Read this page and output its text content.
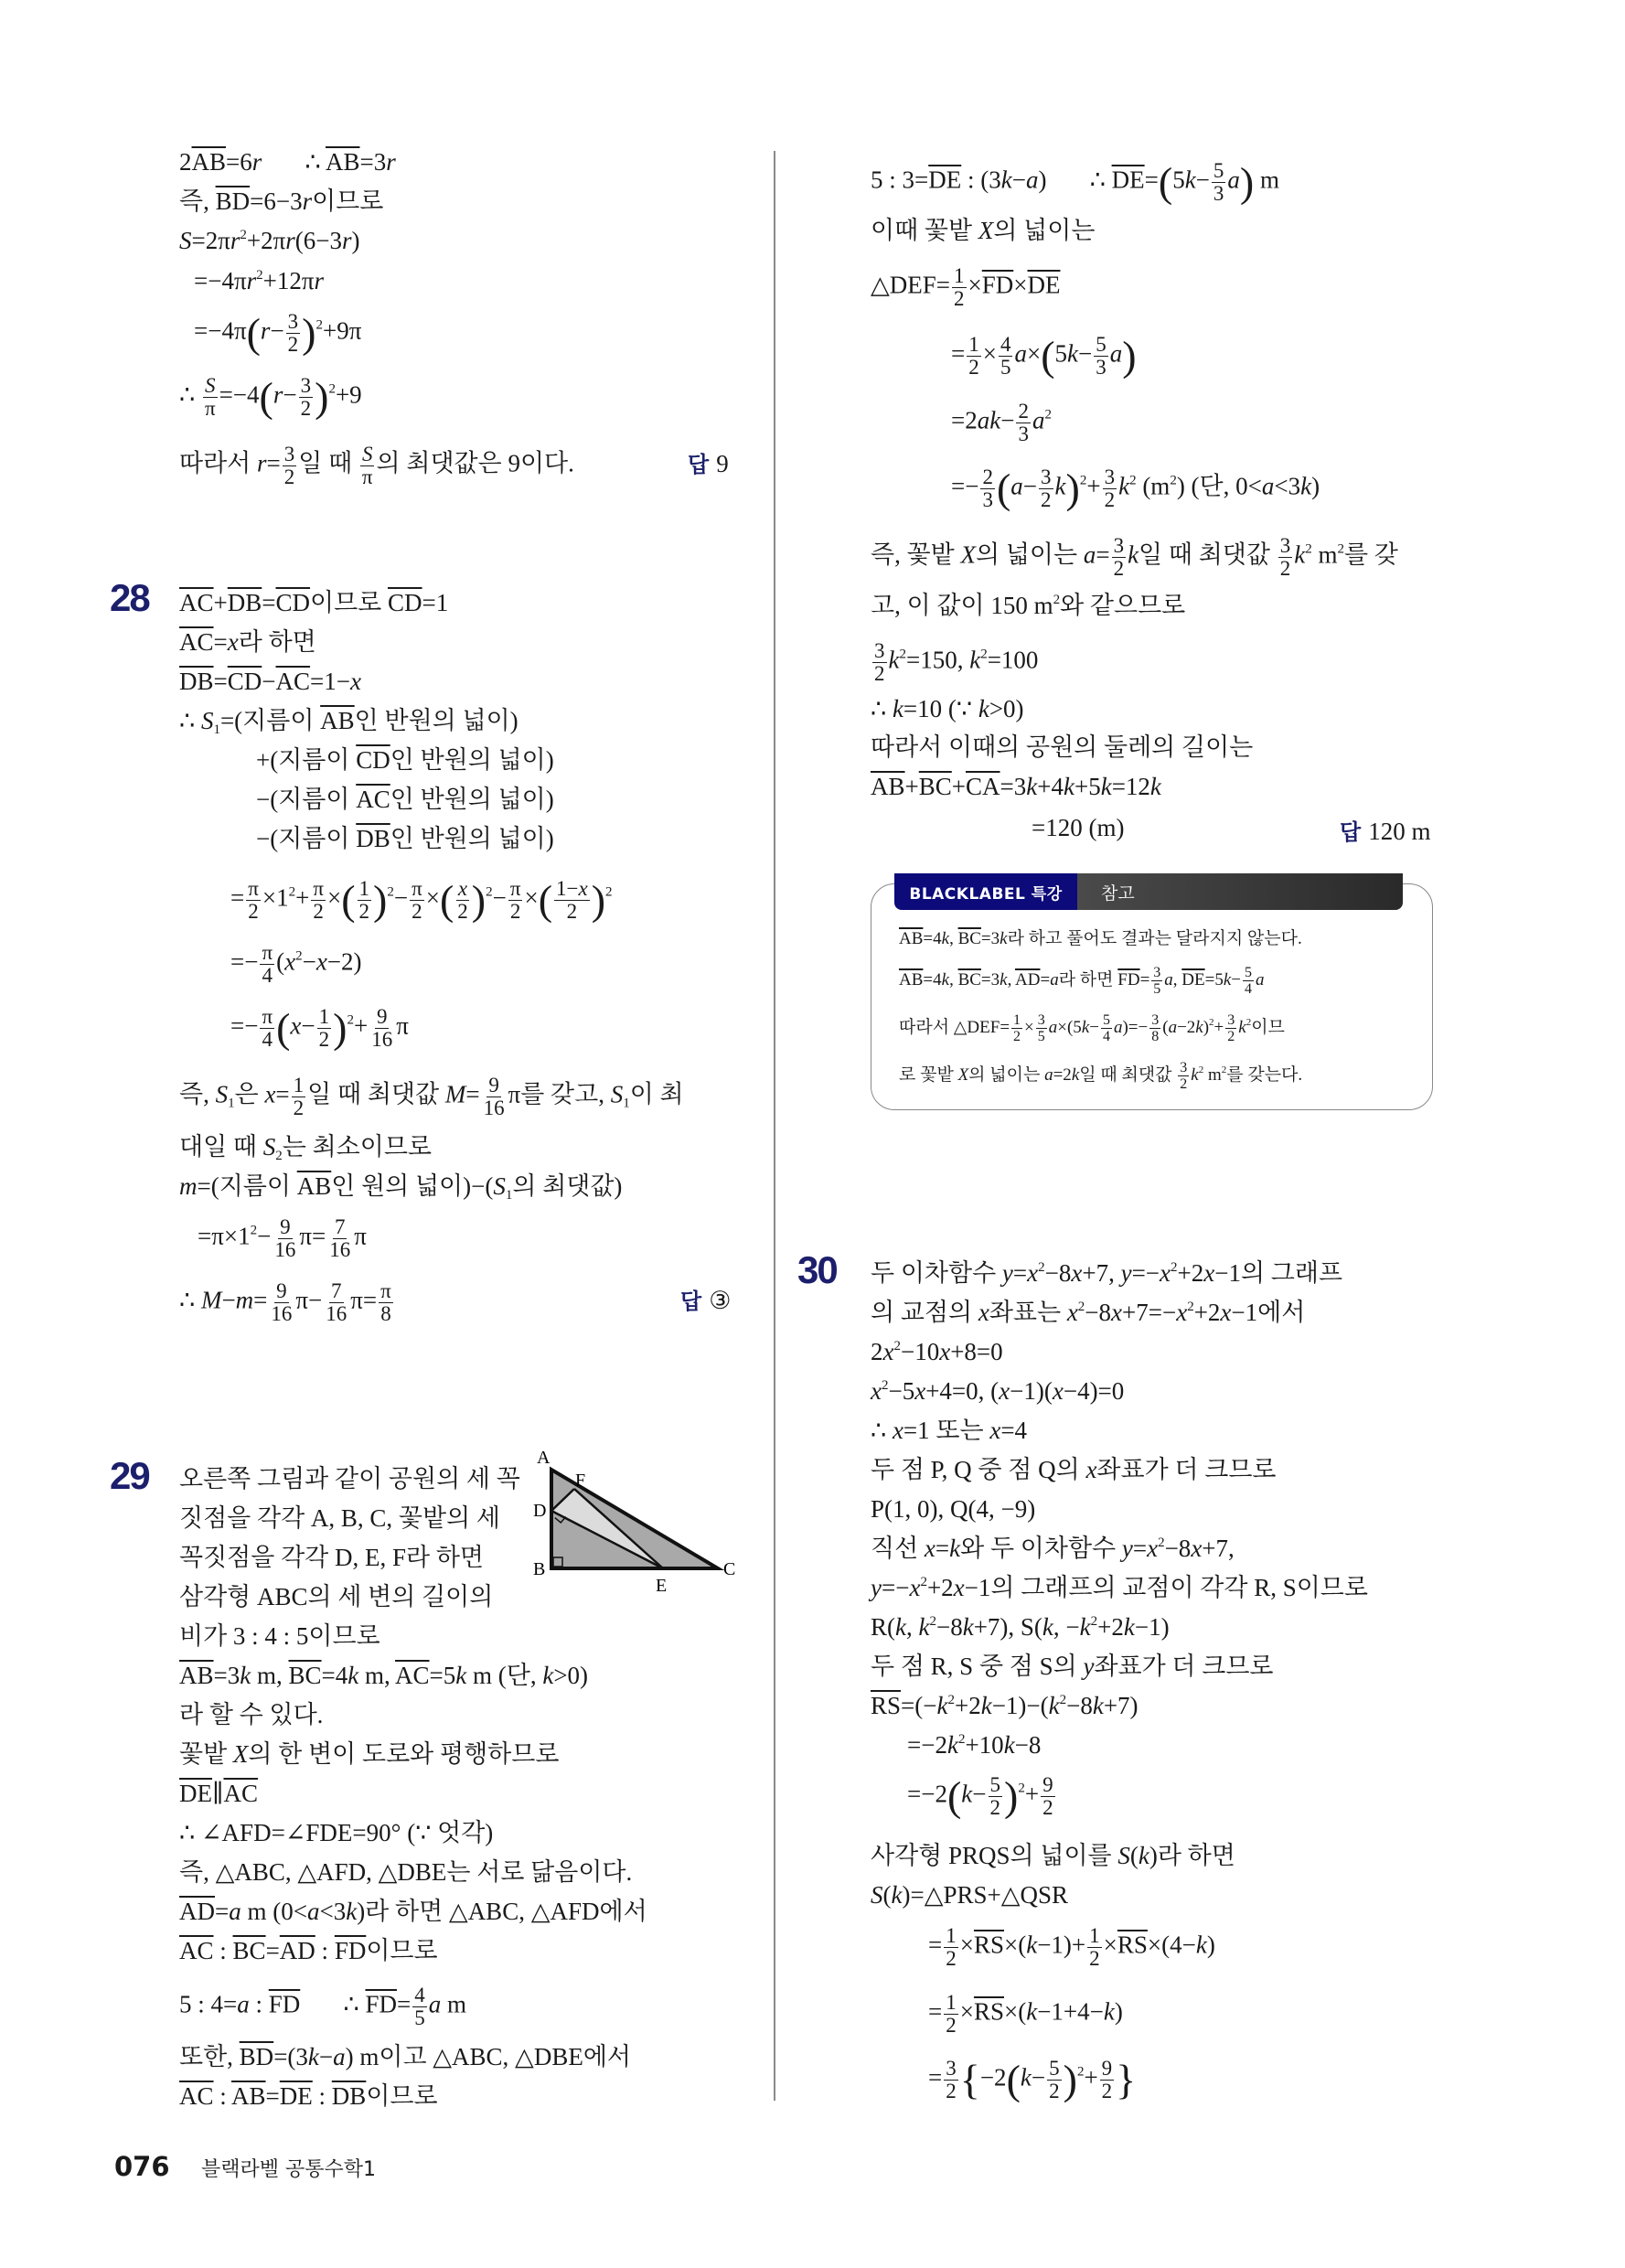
$2\overline{AB}=6r$       ∴ $\overline{AB}=3r$
즉, $\overline{BD}=6-3r$이므로
$S=2\pi r^2+2\pi r(6-3r)$
$=-4\pi r^2+12\pi r$
$=-4\pi(r- \frac{3}{2} )^2+9\pi$
∴ $\frac{S}{\pi} =-4(r- \frac{3}{2} )^2+9$
따라서 $r= \frac{3}{2}$ 일 때 $\frac{S}{\pi}$ 의 최댓값은 9이다.	답 9
28 $\overline{AC}+\overline{DB}=\overline{CD}$이므로 $\overline{CD}=1$
$\overline{AC}=x$라 하면
$\overline{DB}=\overline{CD}-\overline{AC}=1-x$
∴ $S_1=$(지름이 $\overline{AB}$인 반원의 넓이)
+(지름이 $\overline{CD}$인 반원의 넓이)
−(지름이 $\overline{AC}$인 반원의 넓이)
−(지름이 $\overline{DB}$인 반원의 넓이)
= $\frac{\pi}{2} \times 1^2+ \frac{\pi}{2}$ ×( $\frac{1}{2} )^2- \frac{\pi}{2}$ ×( $\frac{x}{2} )^2- \frac{\pi}{2}$ ×( $\frac{1-x}{2} )^2$
=− $\frac{\pi}{4} (x^2-x-2)$
=− $\frac{\pi}{4} (x- \frac{1}{2} )^2+ \frac{9}{16}$ π
즉, $S_1$은 $x= \frac{1}{2}$ 일 때 최댓값 $M= \frac{9}{16}$ π를 갖고, $S_1$이 최
대일 때 $S_2$는 최소이므로
m=(지름이 $\overline{AB}$인 원의 넓이)$-(S_1$의 최댓값)
$=\pi\times 1^2- \frac{9}{16} \pi= \frac{7}{16}$ π
∴ $M-m= \frac{9}{16} \pi- \frac{7}{16} \pi= \frac{\pi}{8}$	답 ③
29 오른쪽 그림과 같이 공원의 세 꼭
짓점을 각각 A, B, C, 꽃밭의 세
꼭짓점을 각각 D, E, F라 하면
삼각형 ABC의 세 변의 길이의
비가 3 : 4 : 5이므로
$\overline{AB}=3k$ m, $\overline{BC}=4k$ m, $\overline{AC}=5k$ m (단, k>0)
라 할 수 있다.
꽃밭 X의 한 변이 도로와 평행하므로
$\overline{DE}\parallel\overline{AC}$
∴ ∠AFD=∠FDE=90° (∵ 엇각)
즉, △ABC, △AFD, △DBE는 서로 닮음이다.
$\overline{AD}=a$ m (0<a<3k)라 하면 △ABC, △AFD에서
$\overline{AC}$ : $\overline{BC}=\overline{AD}$ : $\overline{FD}$이므로
5 : 4=a : $\overline{FD}$       ∴ $\overline{FD}= \frac{4}{5}$ a m
또한, $\overline{BD}=(3k-a)$ m이고 △ABC, △DBE에서
$\overline{AC}$ : $\overline{AB}=\overline{DE}$ : $\overline{DB}$이므로
A
F
D
B
E
C
5 : $3=\overline{DE}$ : (3k−a)       ∴ $\overline{DE}=(5k- \frac{5}{3} a)$ m
이때 꽃밭 X의 넓이는
△DEF= $\frac{1}{2} \times\overline{FD}\times\overline{DE}$
= $\frac{1}{2} \times \frac{4}{5} a\times(5k- \frac{5}{3} a)$
$=2ak- \frac{2}{3} a^2$
=− $\frac{2}{3} (a- \frac{3}{2} k)^2+ \frac{3}{2} k^2$ $(m^2)$ (단, 0<a<3k)
즉, 꽃밭 X의 넓이는 $a= \frac{3}{2}$ k일 때 최댓값 $\frac{3}{2} k^2$ $m^2$를 갖
고, 이 값이 150 $m^2$와 같으므로
$\frac{3}{2} k^2=150$, $k^2=100$
∴ k=10 (∵ k>0)
따라서 이때의 공원의 둘레의 길이는
$\overline{AB}+\overline{BC}+\overline{CA}=3k+4k+5k=12k$
=120 (m)	답 120 m
$\overline{AB}=4k$, $\overline{BC}=3k$라 하고 풀어도 결과는 달라지지 않는다.
$\overline{AB}=4k$, $\overline{BC}=3k$, $\overline{AD}=a$라 하면 $\overline{FD}= \frac{3}{5} a$, $\overline{DE}=5k- \frac{5}{4}$ a
따라서 △DEF= $\frac{1}{2} \times \frac{3}{5} a\times(5k- \frac{5}{4} a)=- \frac{3}{8} (a-2k)^2+ \frac{3}{2} k^2$이므
로 꽃밭 X의 넓이는 a=2k일 때 최댓값 $\frac{3}{2} k^2$ $m^2$를 갖는다.
BLACKLABEL 특강	참고
30 두 이차함수 $y=x^2-8x+7$, $y=-x^2+2x-1$의 그래프
의 교점의 x좌표는 $x^2-8x+7=-x^2+2x-1$에서
$2x^2-10x+8=0$
$x^2-5x+4=0$, (x−1)(x−4)=0
∴ x=1 또는 x=4
두 점 P, Q 중 점 Q의 x좌표가 더 크므로
P(1, 0), Q(4, −9)
직선 x=k와 두 이차함수 $y=x^2-8x+7$,
$y=-x^2+2x-1$의 그래프의 교점이 각각 R, S이므로
R(k, $k^2-8k+7$), S(k, $-k^2+2k-1$)
두 점 R, S 중 점 S의 y좌표가 더 크므로
$\overline{RS}=(-k^2+2k-1)-(k^2-8k+7)$
$=-2k^2+10k-8$
$=-2(k- \frac{5}{2} )^2+ \frac{9}{2}$
사각형 PRQS의 넓이를 S(k)라 하면
S(k)=△PRS+△QSR
= $\frac{1}{2} \times\overline{RS}\times(k-1)+ \frac{1}{2} \times\overline{RS}\times(4-k)$
= $\frac{1}{2} \times\overline{RS}\times(k-1+4-k)$
= $\frac{3}{2} \{-2(k- \frac{5}{2} )^2+ \frac{9}{2}$ }
076 블랙라벨 공통수학1
